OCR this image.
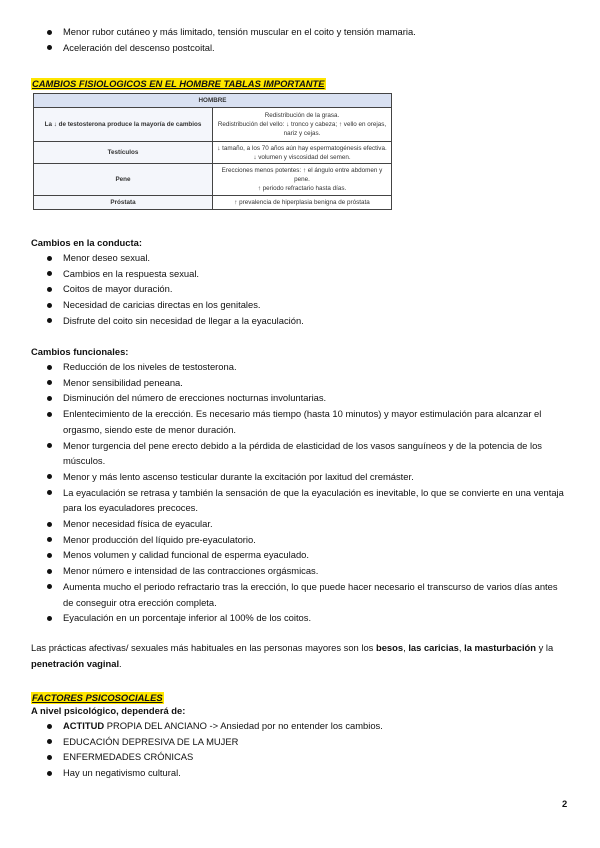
Menor rubor cutáneo y más limitado, tensión muscular en el coito y tensión mamaria.
Aceleración del descenso postcoital.
CAMBIOS FISIOLOGICOS EN EL HOMBRE TABLAS IMPORTANTE
HOMBRE	
La ↓ de testosterona produce la mayoría de cambios	Redistribución de la grasa.
Redistribución del vello: ↓ tronco y cabeza; ↑ vello en orejas, nariz y cejas.

Testículos	↓ tamaño, a los 70 años aún hay espermatogénesis efectiva.
↓ volumen y viscosidad del semen.

Pene	Erecciones menos potentes: ↑ el ángulo entre abdomen y pene.
↑ periodo refractario hasta días.

Próstata	↑ prevalencia de hiperplasia benigna de próstata
Cambios en la conducta:
Menor deseo sexual.
Cambios en la respuesta sexual.
Coitos de mayor duración.
Necesidad de caricias directas en los genitales.
Disfrute del coito sin necesidad de llegar a la eyaculación.
Cambios funcionales:
Reducción de los niveles de testosterona.
Menor sensibilidad peneana.
Disminución del número de erecciones nocturnas involuntarias.
Enlentecimiento de la erección. Es necesario más tiempo (hasta 10 minutos) y mayor estimulación para alcanzar el orgasmo, siendo este de menor duración.
Menor turgencia del pene erecto debido a la pérdida de elasticidad de los vasos sanguíneos y de la potencia de los músculos.
Menor y más lento ascenso testicular durante la excitación por laxitud del cremáster.
La eyaculación se retrasa y también la sensación de que la eyaculación es inevitable, lo que se convierte en una ventaja para los eyaculadores precoces.
Menor necesidad física de eyacular.
Menor producción del líquido pre-eyaculatorio.
Menos volumen y calidad funcional de esperma eyaculado.
Menor número e intensidad de las contracciones orgásmicas.
Aumenta mucho el periodo refractario tras la erección, lo que puede hacer necesario el transcurso de varios días antes de conseguir otra erección completa.
Eyaculación en un porcentaje inferior al 100% de los coitos.
Las prácticas afectivas/ sexuales más habituales en las personas mayores son los besos, las caricias, la masturbación y la penetración vaginal.
FACTORES PSICOSOCIALES
A nivel psicológico, dependerá de:
ACTITUD PROPIA DEL ANCIANO -> Ansiedad por no entender los cambios.
EDUCACIÓN DEPRESIVA DE LA MUJER
ENFERMEDADES CRÓNICAS
Hay un negativismo cultural.
2
